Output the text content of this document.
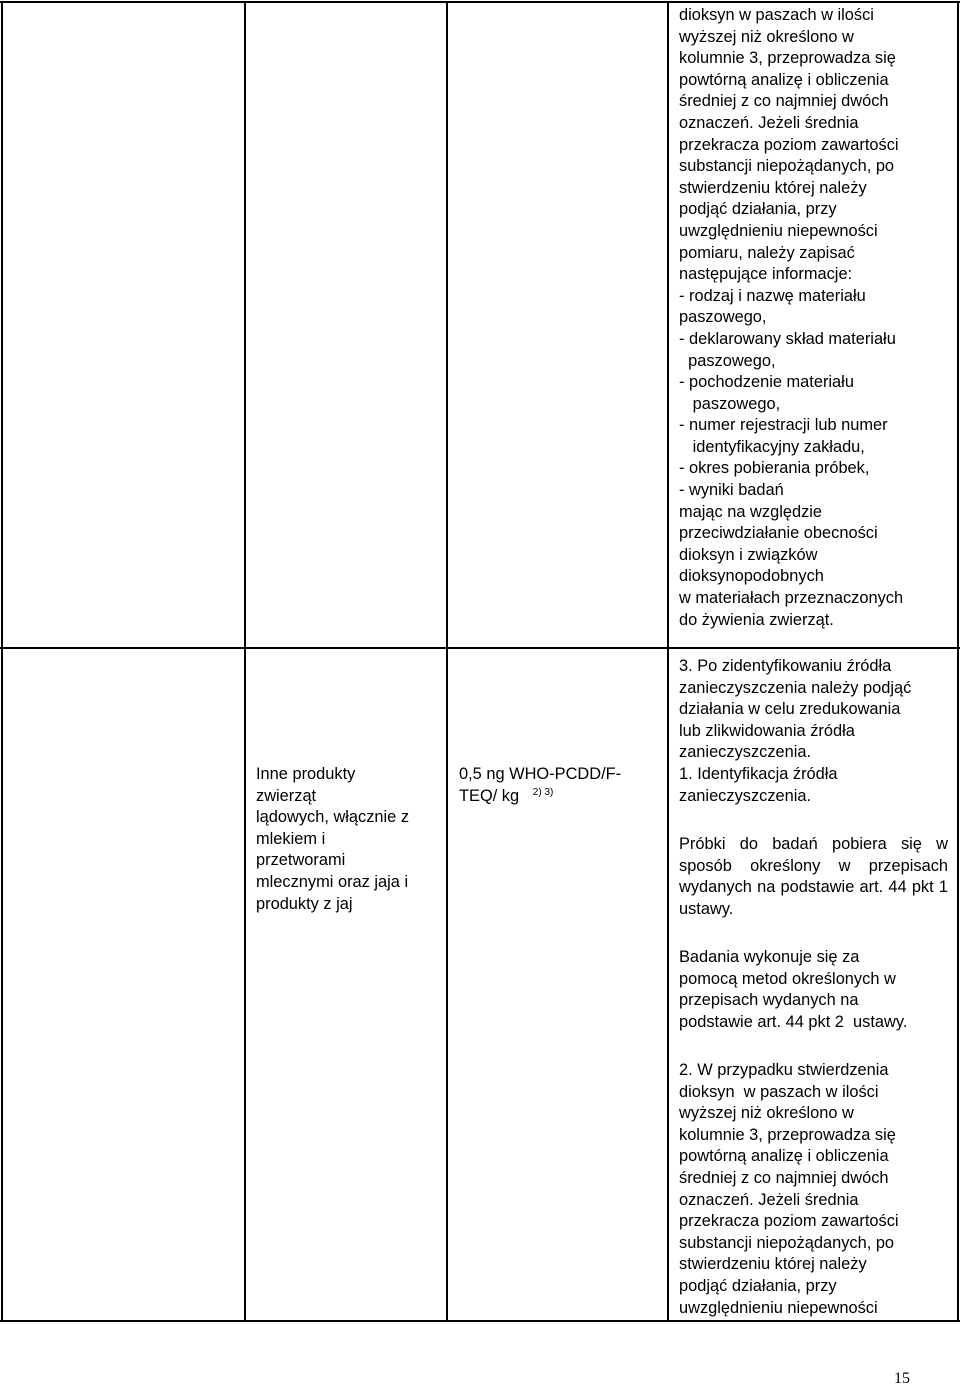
dioksyn w paszach w ilości
wyższej niż określono w
kolumnie 3, przeprowadza się
powtórną analizę i obliczenia
średniej z co najmniej dwóch
oznaczeń. Jeżeli średnia
przekracza poziom zawartości
substancji niepożądanych, po
stwierdzeniu której należy
podjąć działania, przy
uwzględnieniu niepewności
pomiaru, należy zapisać
następujące informacje:
- rodzaj i nazwę materiału
paszowego,
- deklarowany skład materiału
paszowego,
- pochodzenie materiału
paszowego,
- numer rejestracji lub numer
identyfikacyjny zakładu,
- okres pobierania próbek,
- wyniki badań
mając na względzie
przeciwdziałanie obecności
dioksyn i związków
dioksynopodobnych
w materiałach przeznaczonych
do żywienia zwierząt.
Inne produkty
zwierząt
lądowych, włącznie z
mlekiem i
przetworami
mlecznymi oraz jaja i
produkty z jaj
0,5 ng WHO-PCDD/F-
TEQ/ kg $^{2) 3)}$
3. Po zidentyfikowaniu źródła
zanieczyszczenia należy podjąć
działania w celu zredukowania
lub zlikwidowania źródła
zanieczyszczenia.
1. Identyfikacja źródła
zanieczyszczenia.
Próbki do badań pobiera się w sposób określony w przepisach wydanych na podstawie art. 44 pkt 1 ustawy.
Badania wykonuje się za
pomocą metod określonych w
przepisach wydanych na
podstawie art. 44 pkt 2  ustawy.
2. W przypadku stwierdzenia
dioksyn  w paszach w ilości
wyższej niż określono w
kolumnie 3, przeprowadza się
powtórną analizę i obliczenia
średniej z co najmniej dwóch
oznaczeń. Jeżeli średnia
przekracza poziom zawartości
substancji niepożądanych, po
stwierdzeniu której należy
podjąć działania, przy
uwzględnieniu niepewności
15
